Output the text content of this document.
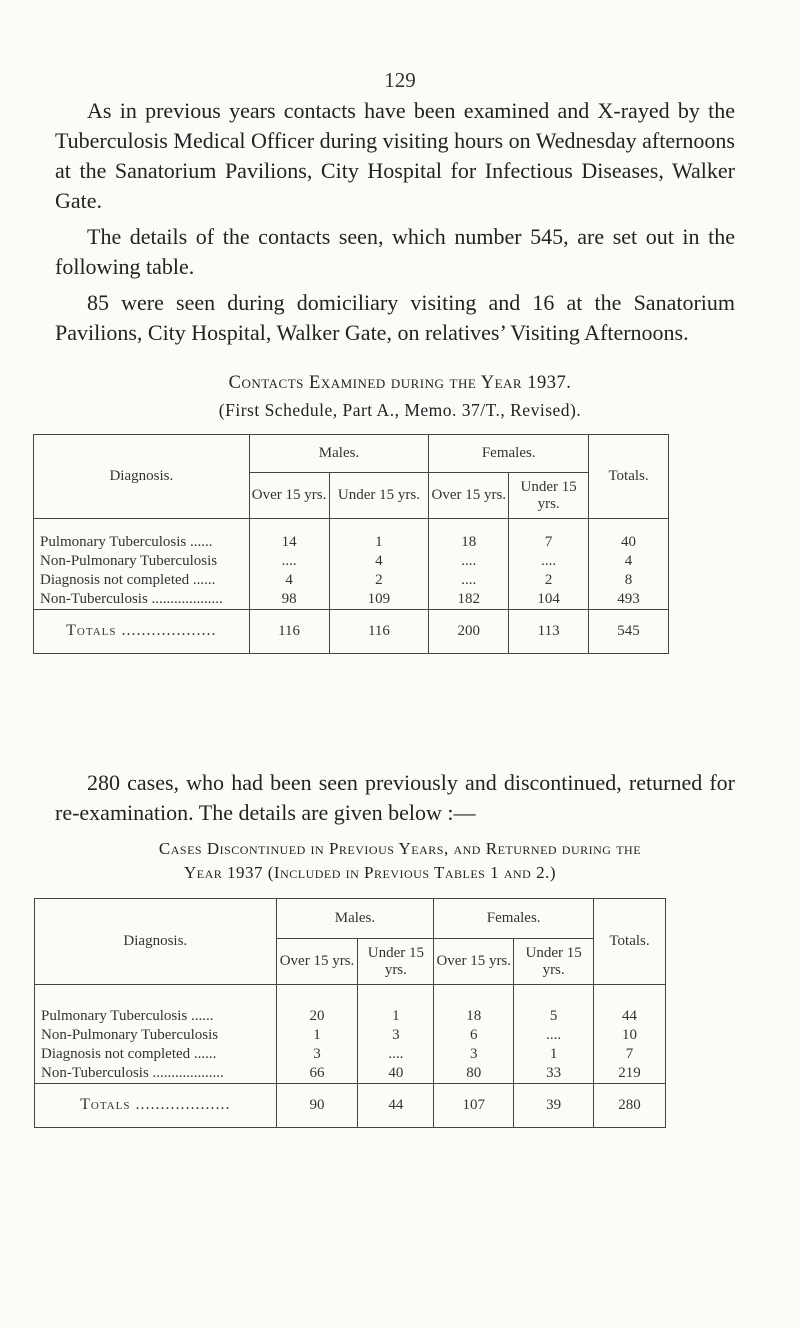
129

As in previous years contacts have been examined and X-rayed by the Tuberculosis Medical Officer during visiting hours on Wednesday afternoons at the Sanatorium Pavilions, City Hospital for Infectious Diseases, Walker Gate.

The details of the contacts seen, which number 545, are set out in the following table.

85 were seen during domiciliary visiting and 16 at the Sanatorium Pavilions, City Hospital, Walker Gate, on relatives’ Visiting Afternoons.

Contacts Examined during the Year 1937.

(First Schedule, Part A., Memo. 37/T., Revised).

Diagnosis.	Males.		Females.		Totals.
	Over 15 yrs.	Under 15 yrs.	Over 15 yrs.	Under 15 yrs.	

Pulmonary Tuberculosis ......	14	1	18	7	40
Non-Pulmonary Tuberculosis	....	4	....	....	4
Diagnosis not completed ......	4	2	....	2	8
Non-Tuberculosis ...................	98	109	182	104	493
Totals ...................	116	116	200	113	545

280 cases, who had been seen previously and discontinued, returned for re-examination. The details are given below :—

Cases Discontinued in Previous Years, and Returned during the

Year 1937 (Included in Previous Tables 1 and 2.)

Diagnosis.	Males.		Females.		Totals.
	Over 15 yrs.	Under 15 yrs.	Over 15 yrs.	Under 15 yrs.	

Pulmonary Tuberculosis ......	20	1	18	5	44
Non-Pulmonary Tuberculosis	1	3	6	....	10
Diagnosis not completed ......	3	....	3	1	7
Non-Tuberculosis ...................	66	40	80	33	219
Totals ...................	90	44	107	39	280
